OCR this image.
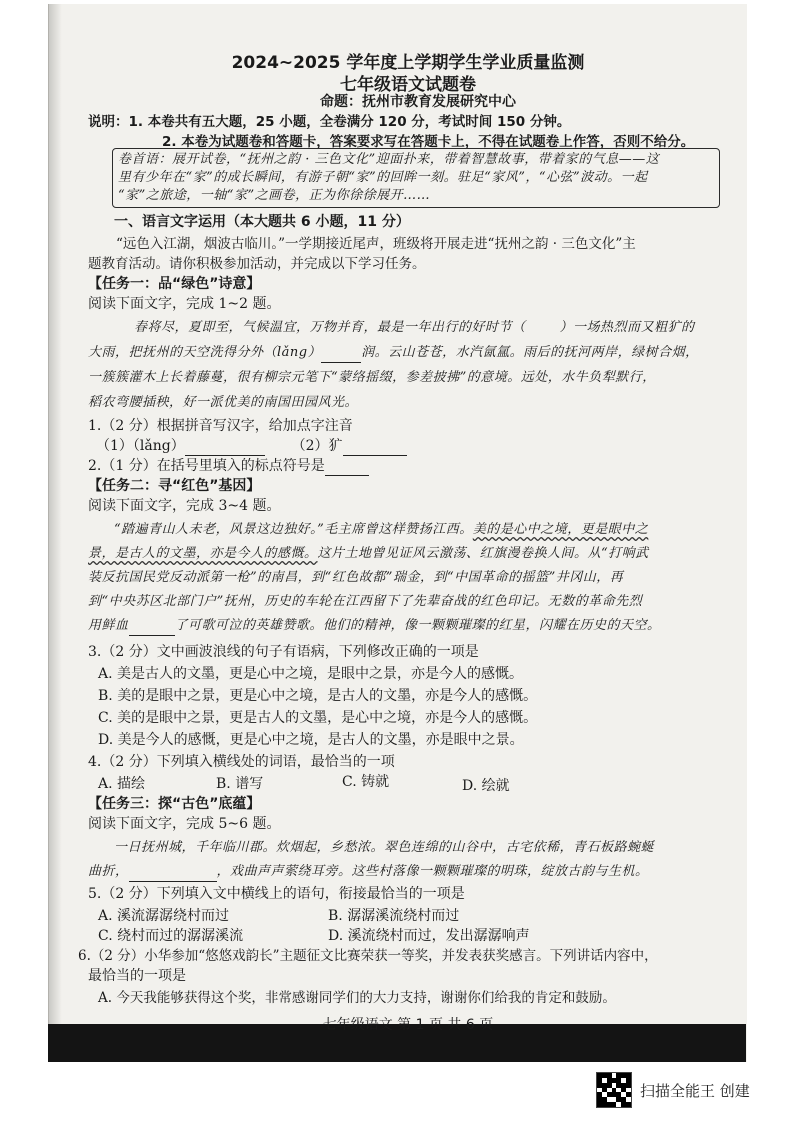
2024~2025 学年度上学期学生学业质量监测
七年级语文试题卷
命题：抚州市教育发展研究中心
说明：1. 本卷共有五大题，25 小题，全卷满分 120 分，考试时间 150 分钟。
2. 本卷为试题卷和答题卡，答案要求写在答题卡上，不得在试题卷上作答，否则不给分。
卷首语：展开试卷，“抚州之韵 · 三色文化”迎面扑来，带着智慧故事，带着家的气息——这
里有少年在“家”的成长瞬间，有游子朝“家”的回眸一刻。驻足“家风”，“心弦”波动。一起
“家”之旅途，一轴“家”之画卷，正为你徐徐展开……
一、语言文字运用（本大题共 6 小题，11 分）
“远色入江湖，烟波古临川。”一学期接近尾声，班级将开展走进“抚州之韵 · 三色文化”主
题教育活动。请你积极参加活动，并完成以下学习任务。
【任务一：品“绿色”诗意】
阅读下面文字，完成 1~2 题。
春将尽，夏即至，气候温宜，万物并育，最是一年出行的好时节（	）一场热烈而又粗犷的
大雨，把抚州的天空洗得分外（lǎng）	润。云山苍苍，水汽氤氲。雨后的抚河两岸，绿树合烟，
一簇簇灌木上长着藤蔓，很有柳宗元笔下“蒙络摇缀，参差披拂”的意境。远处，水牛负犁默行，
稻农弯腰插秧，好一派优美的南国田园风光。
1.（2 分）根据拼音写汉字，给加点字注音
（1）（lǎng）	（2）犷
2.（1 分）在括号里填入的标点符号是
【任务二：寻“红色”基因】
阅读下面文字，完成 3~4 题。
“踏遍青山人未老，风景这边独好。”毛主席曾这样赞扬江西。美的是心中之境，更是眼中之
景，是古人的文墨，亦是今人的感慨。这片土地曾见证风云激荡、红旗漫卷换人间。从“打响武
装反抗国民党反动派第一枪”的南昌，到“红色故都”瑞金，到“中国革命的摇篮”井冈山，再
到“中央苏区北部门户”抚州，历史的车轮在江西留下了先辈奋战的红色印记。无数的革命先烈
用鲜血	了可歌可泣的英雄赞歌。他们的精神，像一颗颗璀璨的红星，闪耀在历史的天空。
3.（2 分）文中画波浪线的句子有语病，下列修改正确的一项是
A. 美是古人的文墨，更是心中之境，是眼中之景，亦是今人的感慨。
B. 美的是眼中之景，更是心中之境，是古人的文墨，亦是今人的感慨。
C. 美的是眼中之景，更是古人的文墨，是心中之境，亦是今人的感慨。
D. 美是今人的感慨，更是心中之境，是古人的文墨，亦是眼中之景。
4.（2 分）下列填入横线处的词语，最恰当的一项
A. 描绘	B. 谱写	C. 铸就	D. 绘就
【任务三：探“古色”底蕴】
阅读下面文字，完成 5~6 题。
一日抚州城，千年临川郡。炊烟起，乡愁浓。翠色连绵的山谷中，古宅依稀，青石板路蜿蜒
曲折，	，戏曲声声萦绕耳旁。这些村落像一颗颗璀璨的明珠，绽放古韵与生机。
5.（2 分）下列填入文中横线上的语句，衔接最恰当的一项是
A. 溪流潺潺绕村而过	B. 潺潺溪流绕村而过
C. 绕村而过的潺潺溪流	D. 溪流绕村而过，发出潺潺响声
6.（2 分）小华参加“悠悠戏韵长”主题征文比赛荣获一等奖，并发表获奖感言。下列讲话内容中，
最恰当的一项是
A. 今天我能够获得这个奖，非常感谢同学们的大力支持，谢谢你们给我的肯定和鼓励。
七年级语文 第 1 页 共 6 页
扫描全能王 创建
